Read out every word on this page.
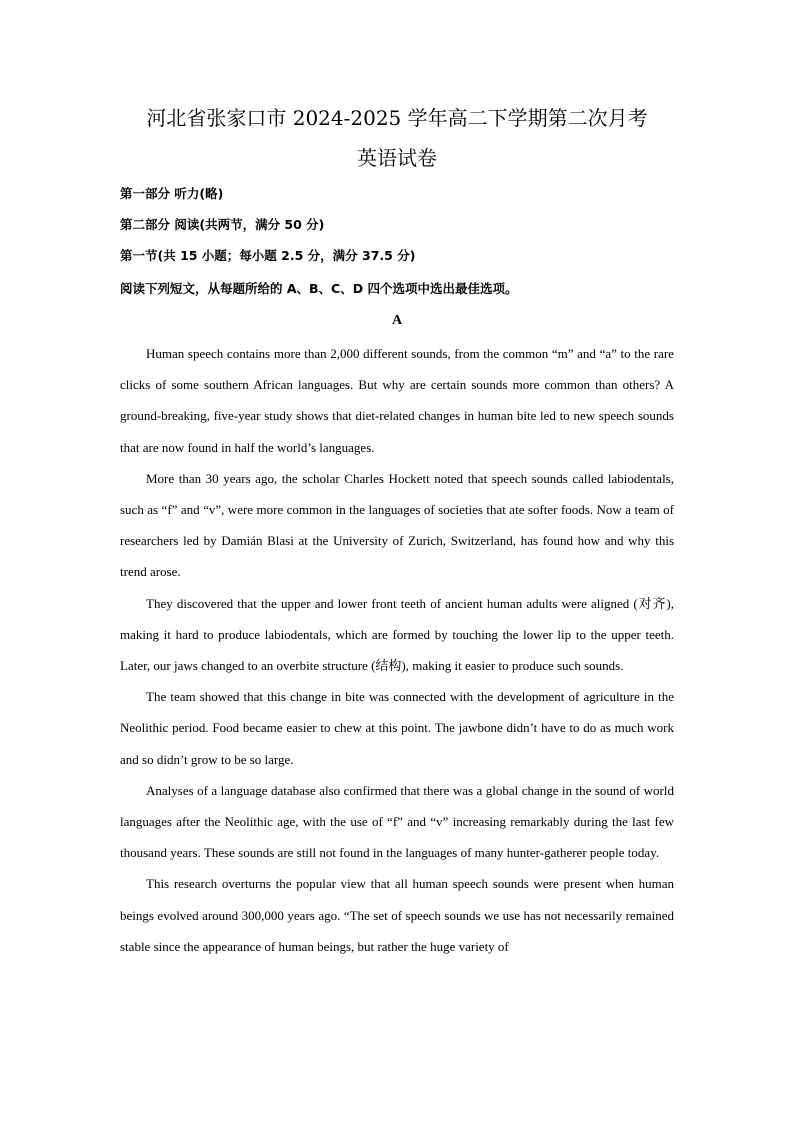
河北省张家口市 2024-2025 学年高二下学期第二次月考
英语试卷
第一部分 听力(略)
第二部分 阅读(共两节，满分 50 分)
第一节(共 15 小题；每小题 2.5 分，满分 37.5 分)
阅读下列短文，从每题所给的 A、B、C、D 四个选项中选出最佳选项。
A

Human speech contains more than 2,000 different sounds, from the common “m” and “a” to the rare clicks of some southern African languages. But why are certain sounds more common than others? A ground-breaking, five-year study shows that diet-related changes in human bite led to new speech sounds that are now found in half the world’s languages.

More than 30 years ago, the scholar Charles Hockett noted that speech sounds called labiodentals, such as “f” and “v”, were more common in the languages of societies that ate softer foods. Now a team of researchers led by Damián Blasi at the University of Zurich, Switzerland, has found how and why this trend arose.

They discovered that the upper and lower front teeth of ancient human adults were aligned (对齐), making it hard to produce labiodentals, which are formed by touching the lower lip to the upper teeth. Later, our jaws changed to an overbite structure (结构), making it easier to produce such sounds.

The team showed that this change in bite was connected with the development of agriculture in the Neolithic period. Food became easier to chew at this point. The jawbone didn’t have to do as much work and so didn’t grow to be so large.

Analyses of a language database also confirmed that there was a global change in the sound of world languages after the Neolithic age, with the use of “f” and “v” increasing remarkably during the last few thousand years. These sounds are still not found in the languages of many hunter-gatherer people today.

This research overturns the popular view that all human speech sounds were present when human beings evolved around 300,000 years ago. “The set of speech sounds we use has not necessarily remained stable since the appearance of human beings, but rather the huge variety of
